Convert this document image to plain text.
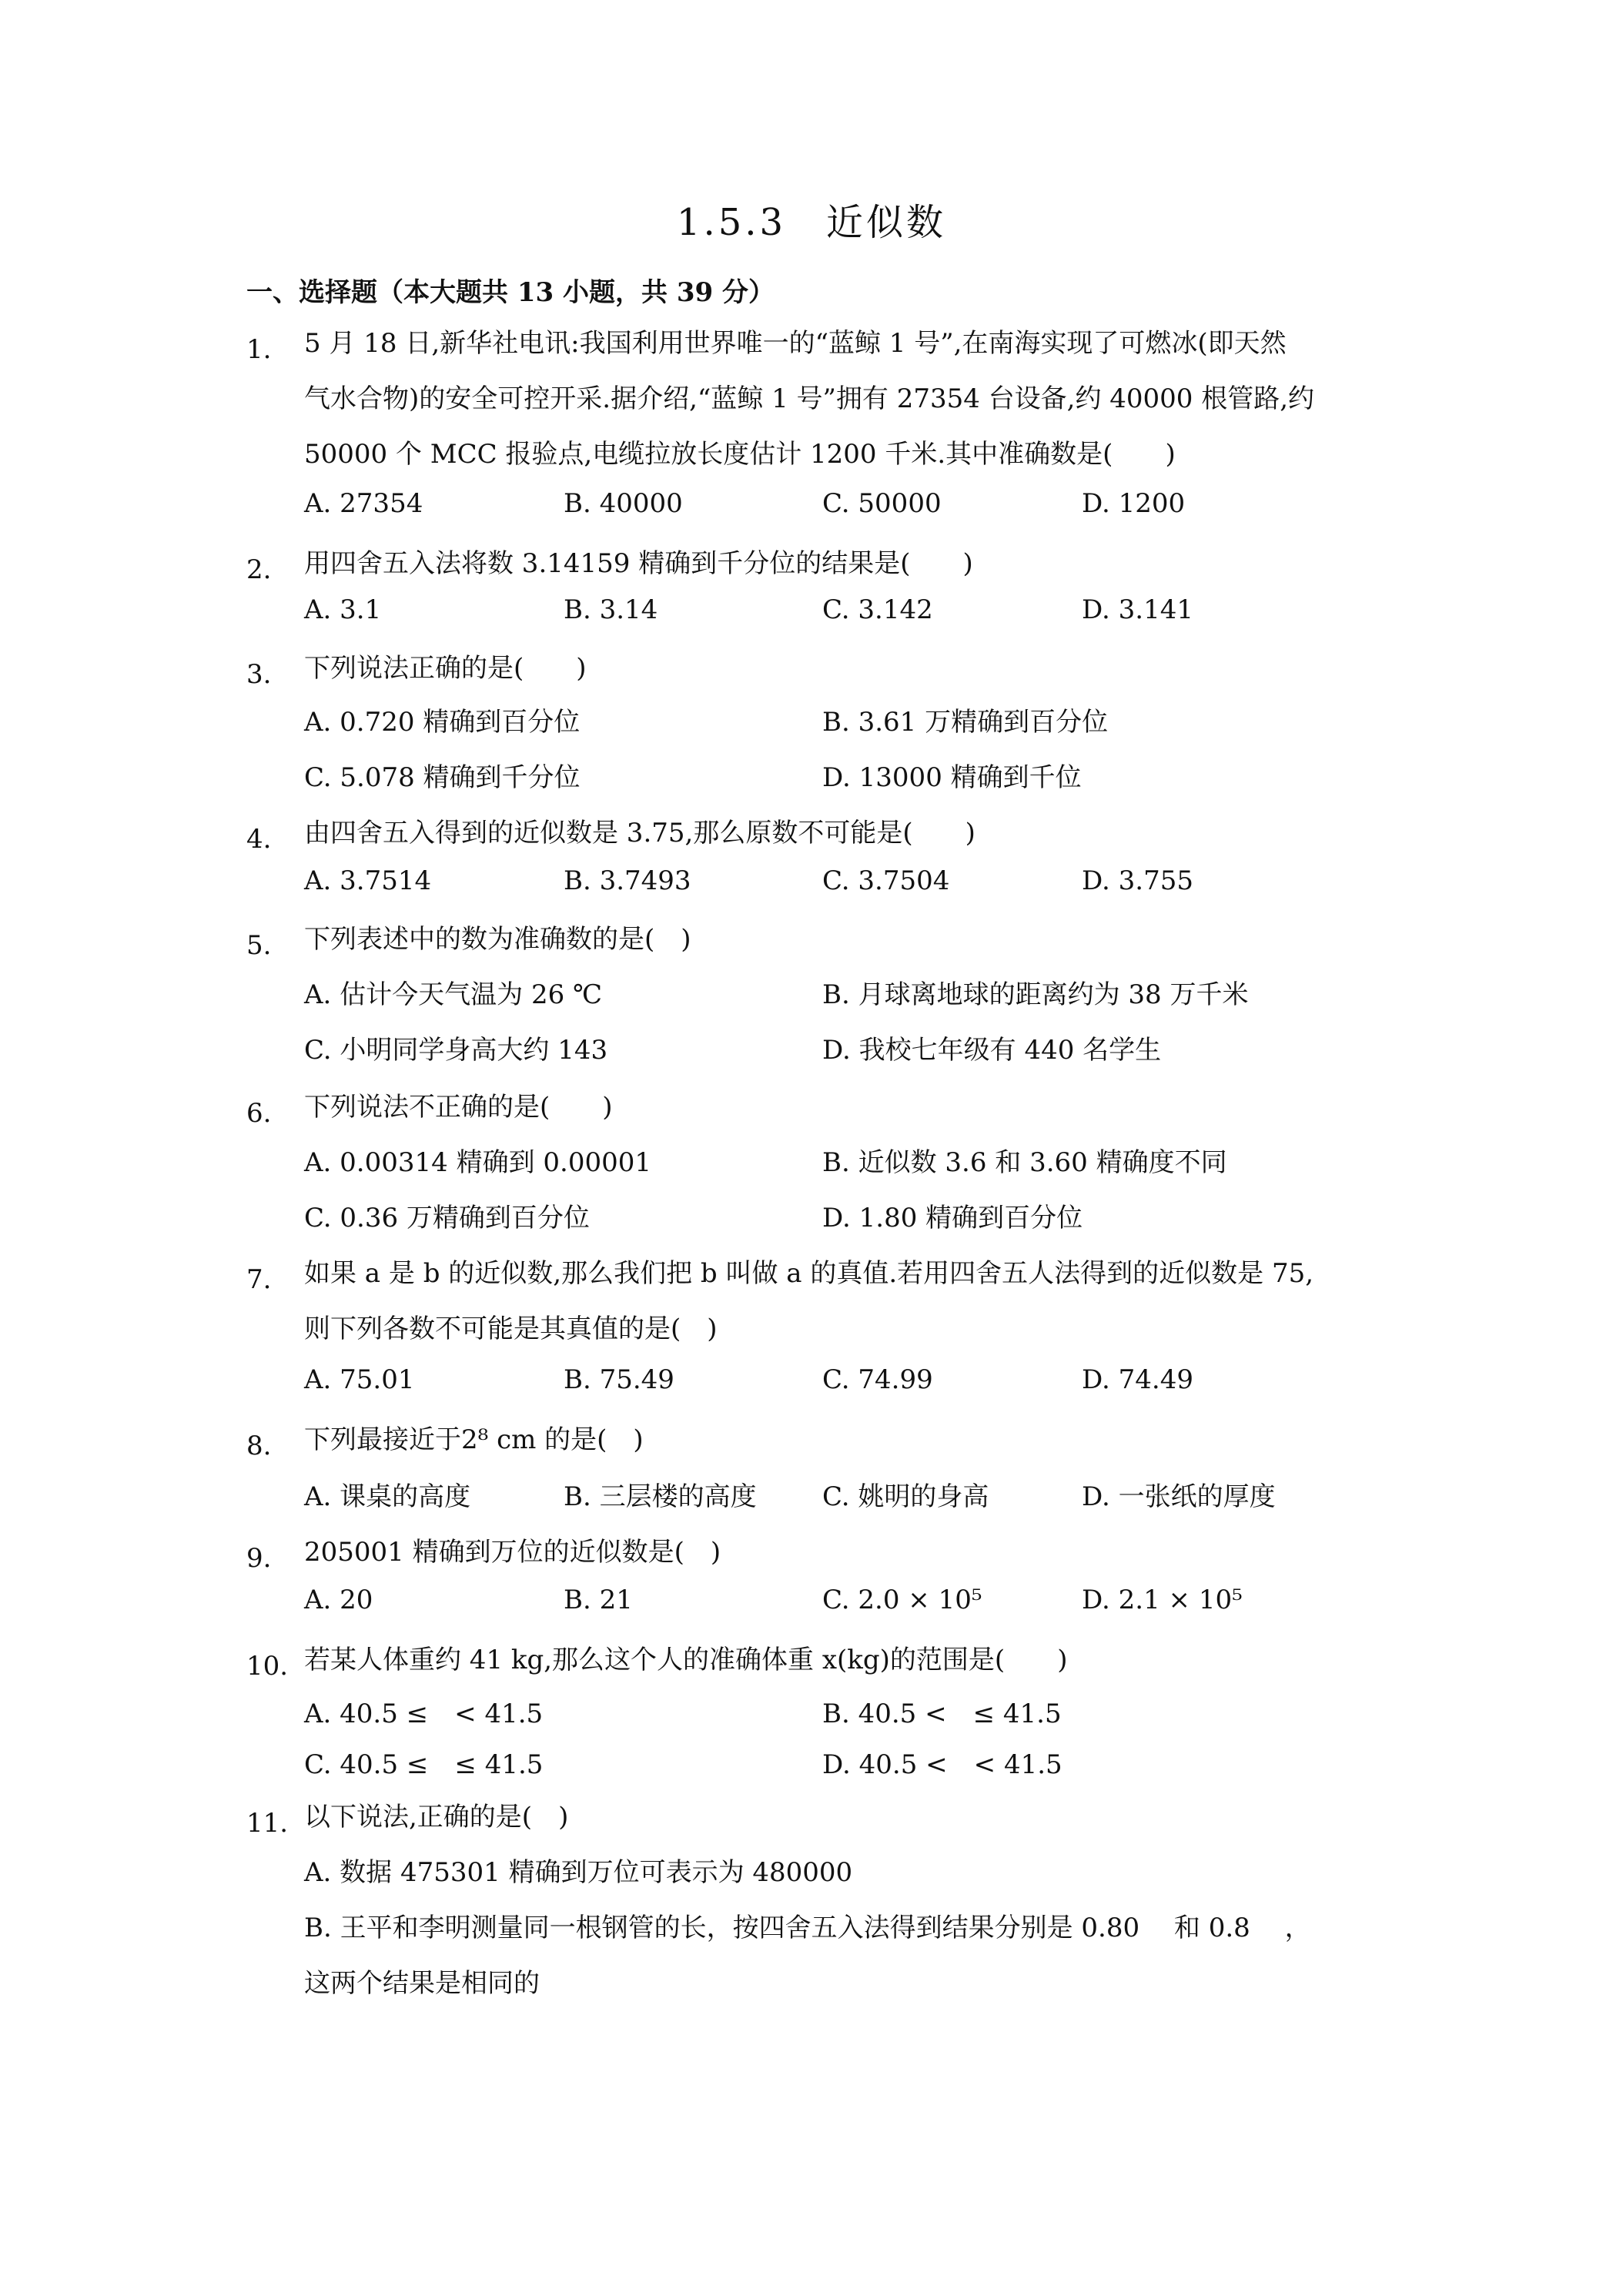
1.5.3　近似数
一、选择题（本大题共 13 小题，共 39 分）
1.	5 月 18 日,新华社电讯:我国利用世界唯一的“蓝鲸 1 号”,在南海实现了可燃冰(即天然
气水合物)的安全可控开采.据介绍,“蓝鲸 1 号”拥有 27354 台设备,约 40000 根管路,约
50000 个 MCC 报验点,电缆拉放长度估计 1200 千米.其中准确数是(　　)
A. 27354	B. 40000	C. 50000	D. 1200
2.	用四舍五入法将数 3.14159 精确到千分位的结果是(　　)
A. 3.1	B. 3.14	C. 3.142	D. 3.141
3.	下列说法正确的是(　　)
A. 0.720 精确到百分位	B. 3.61 万精确到百分位
C. 5.078 精确到千分位	D. 13000 精确到千位
4.	由四舍五入得到的近似数是 3.75,那么原数不可能是(　　)
A. 3.7514	B. 3.7493	C. 3.7504	D. 3.755
5.	下列表述中的数为准确数的是(　)
A. 估计今天气温为 26 ℃	B. 月球离地球的距离约为 38 万千米
C. 小明同学身高大约 143	D. 我校七年级有 440 名学生
6.	下列说法不正确的是(　　)
A. 0.00314 精确到 0.00001	B. 近似数 3.6 和 3.60 精确度不同
C. 0.36 万精确到百分位	D. 1.80 精确到百分位
7.	如果 a 是 b 的近似数,那么我们把 b 叫做 a 的真值.若用四舍五人法得到的近似数是 75,
则下列各数不可能是其真值的是(　)
A. 75.01	B. 75.49	C. 74.99	D. 74.49
8.	下列最接近于2⁸ cm 的是(　)
A. 课桌的高度	B. 三层楼的高度	C. 姚明的身高	D. 一张纸的厚度
9.	205001 精确到万位的近似数是(　)
A. 20	B. 21	C. 2.0 × 10⁵	D. 2.1 × 10⁵
10. 若某人体重约 41 kg,那么这个人的准确体重 x(kg)的范围是(　　)
A. 40.5 ≤　< 41.5	B. 40.5 <　≤ 41.5
C. 40.5 ≤　≤ 41.5	D. 40.5 <　< 41.5
11. 以下说法,正确的是(　)
A. 数据 475301 精确到万位可表示为 480000
B. 王平和李明测量同一根钢管的长，按四舍五入法得到结果分别是 0.80　 和 0.8　 ，
这两个结果是相同的
